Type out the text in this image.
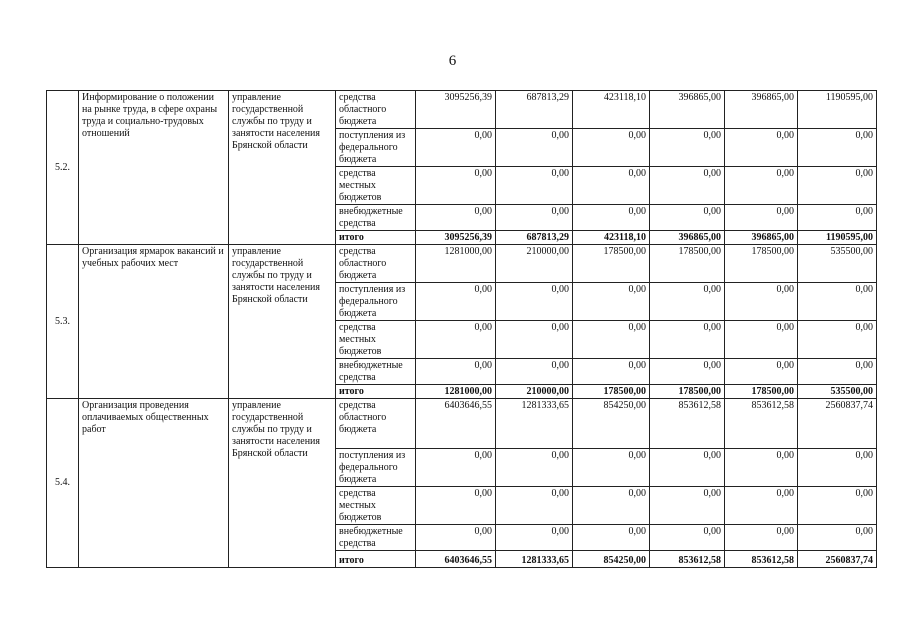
6
5.2.	Информирование о положении на рынке труда, в сфере охраны труда и социально-трудовых отношений	управление государственной службы по труду и занятости населения Брянской области	средства областного бюджета	3095256,39	687813,29	423118,10	396865,00	396865,00	1190595,00
			поступления из федерального бюджета	0,00	0,00	0,00	0,00	0,00	0,00
			средства местных бюджетов	0,00	0,00	0,00	0,00	0,00	0,00
			внебюджетные средства	0,00	0,00	0,00	0,00	0,00	0,00
			итого	3095256,39	687813,29	423118,10	396865,00	396865,00	1190595,00
5.3.	Организация ярмарок вакансий и учебных рабочих мест	управление государственной службы по труду и занятости населения Брянской области	средства областного бюджета	1281000,00	210000,00	178500,00	178500,00	178500,00	535500,00
			поступления из федерального бюджета	0,00	0,00	0,00	0,00	0,00	0,00
			средства местных бюджетов	0,00	0,00	0,00	0,00	0,00	0,00
			внебюджетные средства	0,00	0,00	0,00	0,00	0,00	0,00
			итого	1281000,00	210000,00	178500,00	178500,00	178500,00	535500,00
5.4.	Организация проведения оплачиваемых общественных работ	управление государственной службы по труду и занятости населения Брянской области	средства областного бюджета	6403646,55	1281333,65	854250,00	853612,58	853612,58	2560837,74
			поступления из федерального бюджета	0,00	0,00	0,00	0,00	0,00	0,00
			средства местных бюджетов	0,00	0,00	0,00	0,00	0,00	0,00
			внебюджетные средства	0,00	0,00	0,00	0,00	0,00	0,00
			итого	6403646,55	1281333,65	854250,00	853612,58	853612,58	2560837,74
